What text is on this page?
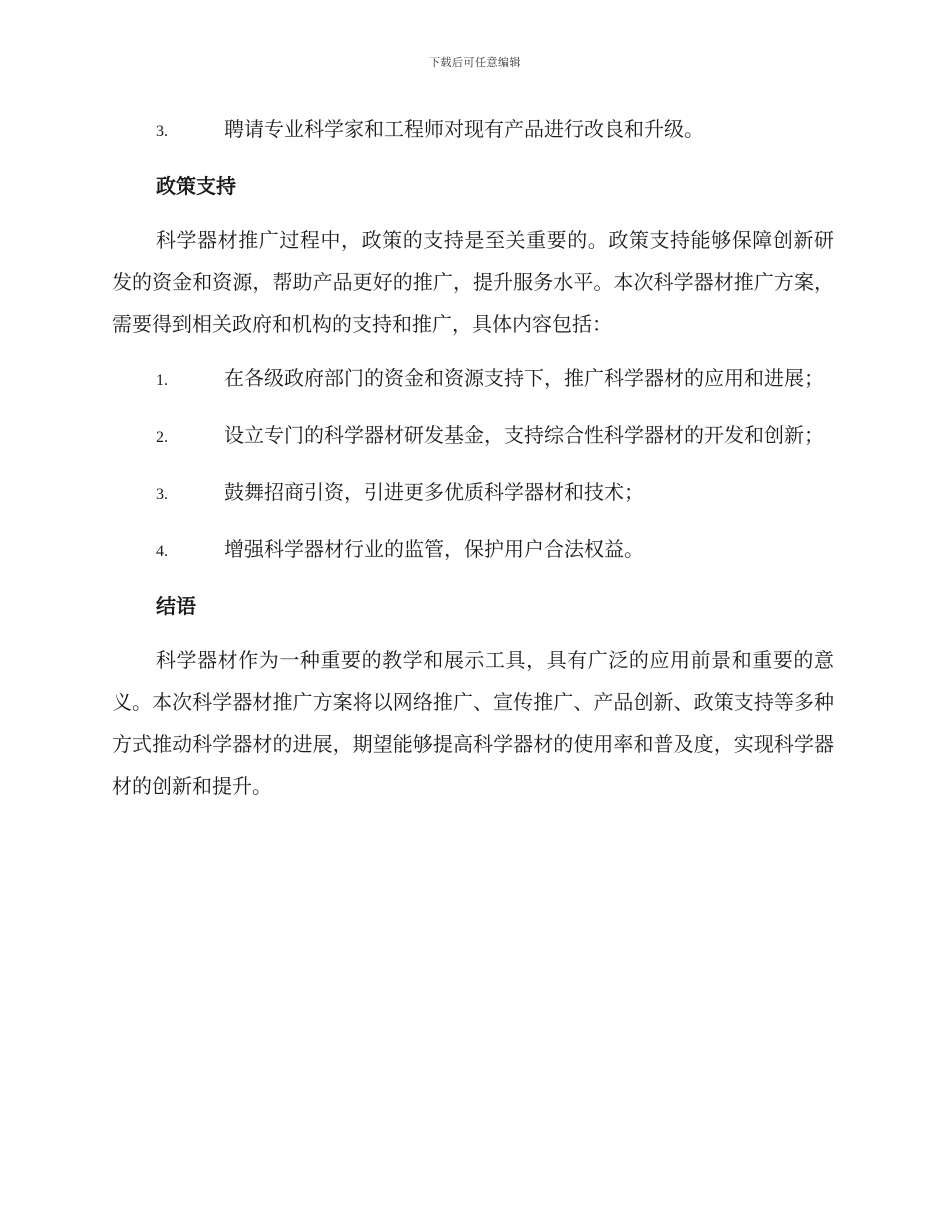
下载后可任意编辑
3.	聘请专业科学家和工程师对现有产品进行改良和升级。
政策支持

科学器材推广过程中，政策的支持是至关重要的。政策支持能够保障创新研发的资金和资源，帮助产品更好的推广，提升服务水平。本次科学器材推广方案，需要得到相关政府和机构的支持和推广，具体内容包括：

1.	在各级政府部门的资金和资源支持下，推广科学器材的应用和进展；
2.	设立专门的科学器材研发基金，支持综合性科学器材的开发和创新；
3.	鼓舞招商引资，引进更多优质科学器材和技术；
4.	增强科学器材行业的监管，保护用户合法权益。
结语

科学器材作为一种重要的教学和展示工具，具有广泛的应用前景和重要的意义。本次科学器材推广方案将以网络推广、宣传推广、产品创新、政策支持等多种方式推动科学器材的进展，期望能够提高科学器材的使用率和普及度，实现科学器材的创新和提升。
